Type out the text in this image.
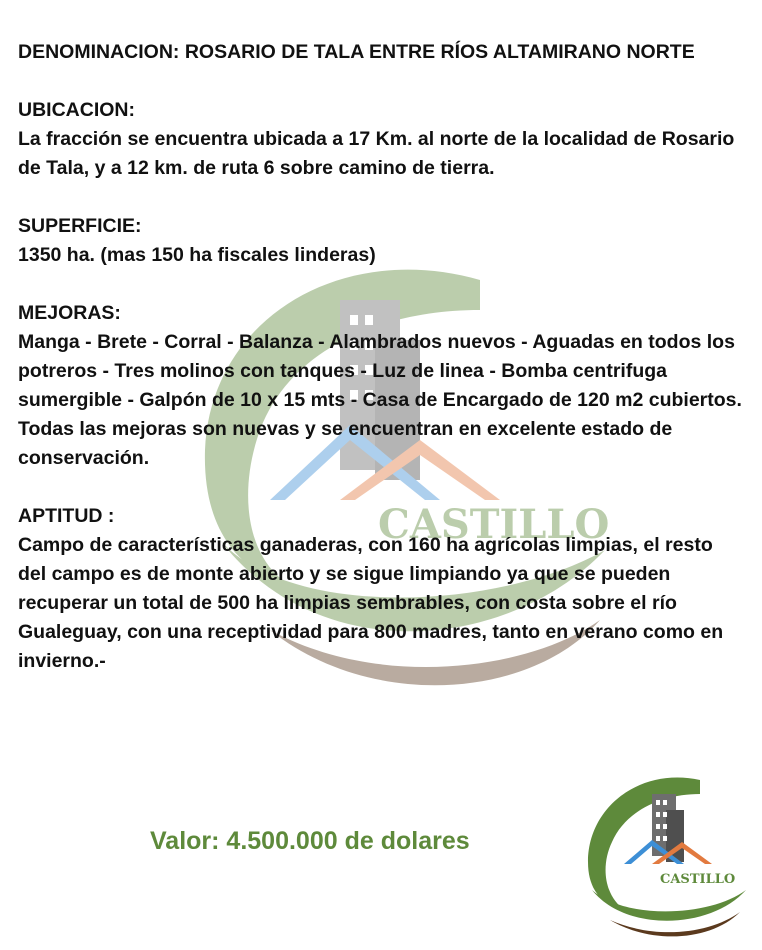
CASTILLO
DENOMINACION: ROSARIO DE TALA ENTRE RÍOS ALTAMIRANO NORTE
UBICACION:
La fracción se encuentra ubicada a 17 Km. al norte de la localidad de Rosario de Tala, y a 12 km. de ruta 6 sobre camino de tierra.
SUPERFICIE:
1350 ha. (mas 150 ha fiscales linderas)
MEJORAS:
Manga - Brete - Corral - Balanza - Alambrados nuevos - Aguadas en todos los potreros - Tres molinos con tanques - Luz de linea - Bomba centrifuga sumergible - Galpón de 10 x 15 mts - Casa de Encargado de 120 m2 cubiertos.
Todas las mejoras son nuevas y se encuentran en excelente estado de conservación.
APTITUD :
Campo de características ganaderas, con 160 ha agrícolas limpias, el resto del campo es de monte abierto y se sigue limpiando ya que se pueden recuperar un total de 500 ha limpias sembrables, con costa sobre el río Gualeguay, con una receptividad para 800 madres, tanto en verano como en invierno.-
Valor: 4.500.000 de dolares
CASTILLO
